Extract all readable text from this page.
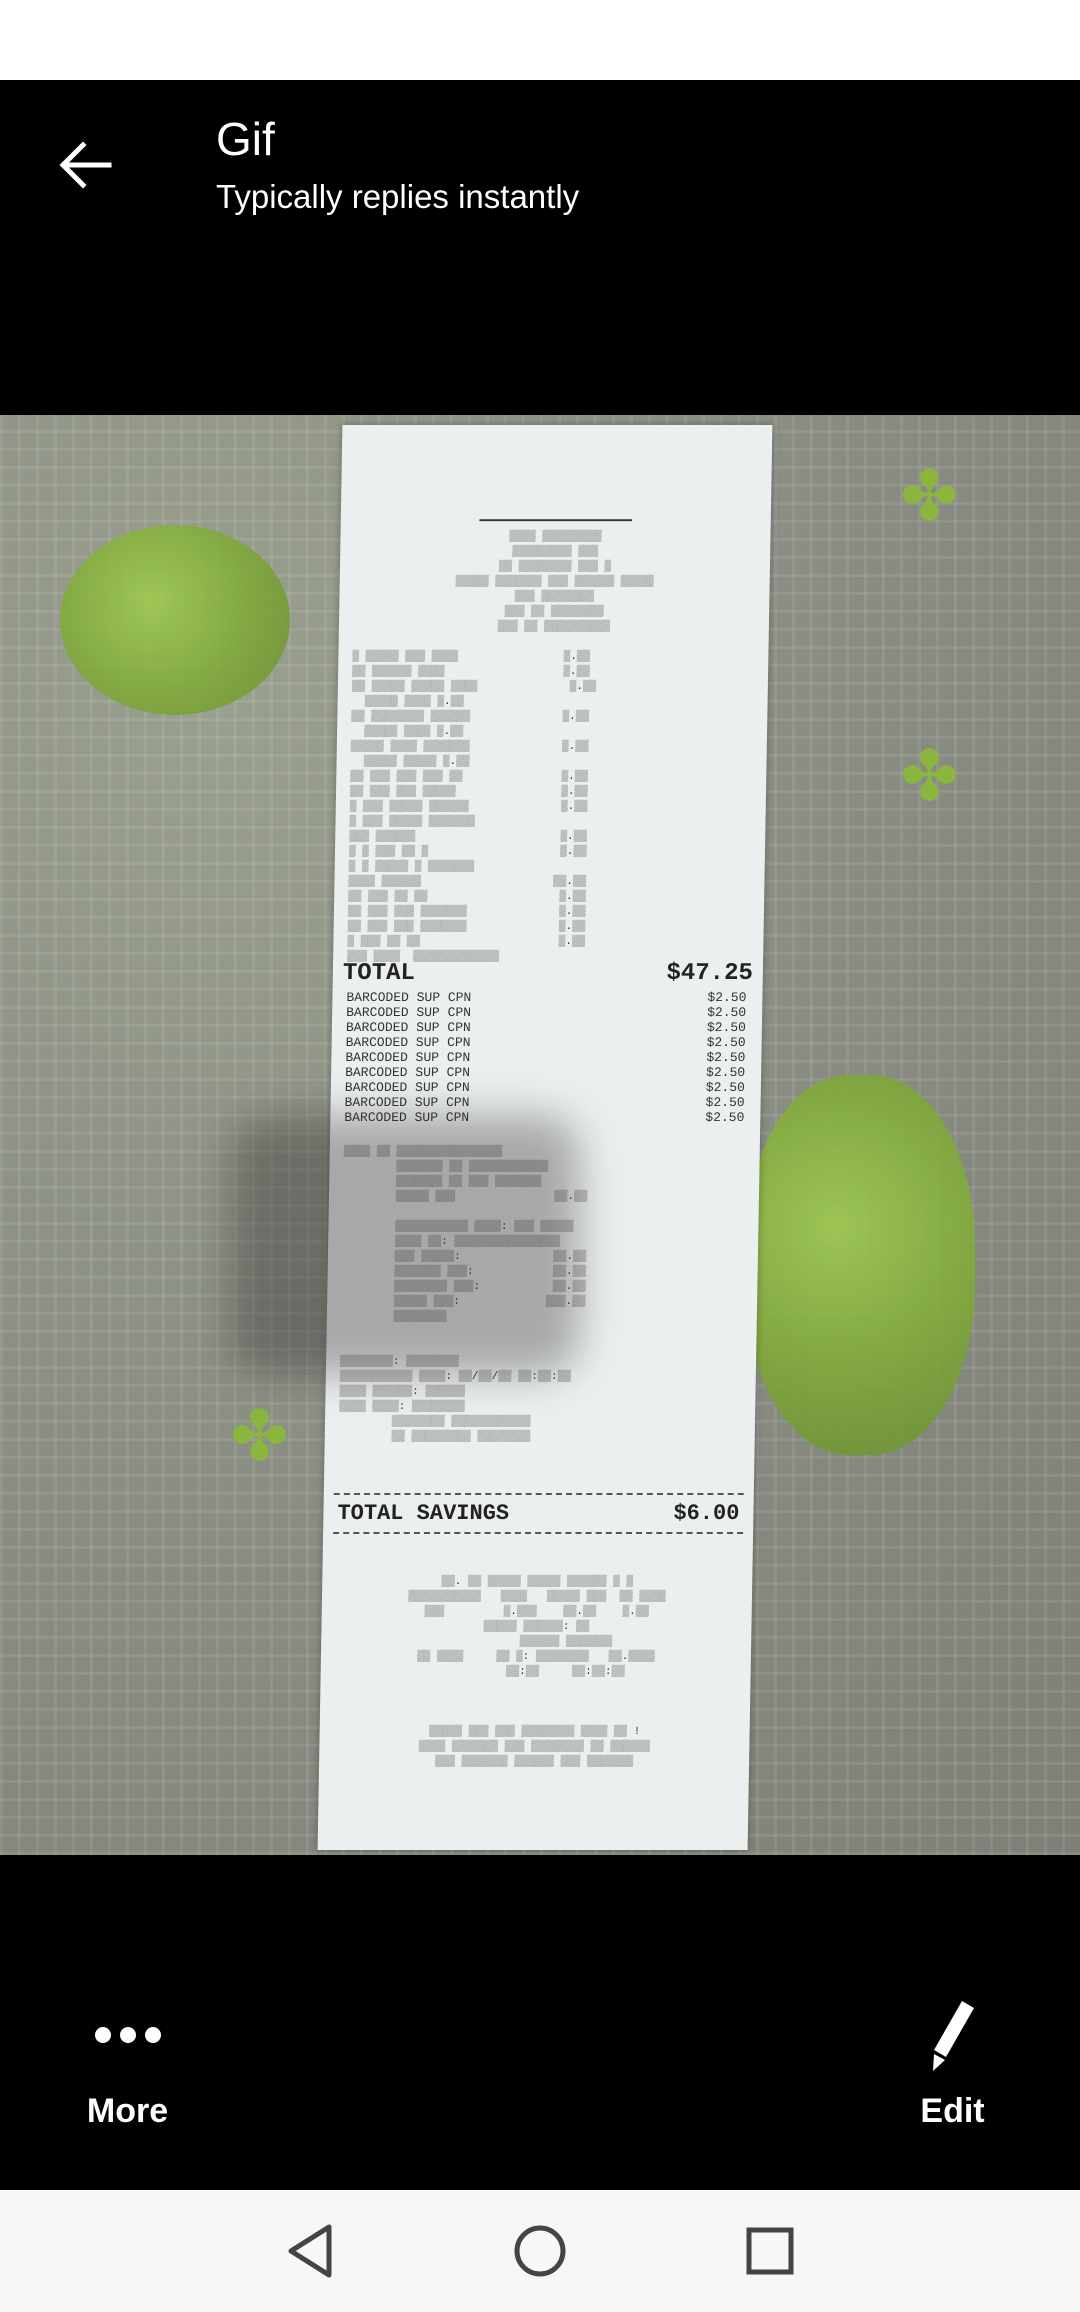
Gif
Typically replies instantly
✤
✤
✤
━━━━━━━━━━━━━━━━━━━━━━━
▒▒▒▒ ▒▒▒▒▒▒▒▒▒
▒▒▒▒▒▒▒▒▒ ▒▒▒
▒▒ ▒▒▒▒▒▒▒▒ ▒▒▒ ▒
▒▒▒▒▒ ▒▒▒▒▒▒▒ ▒▒▒ ▒▒▒▒▒▒ ▒▒▒▒▒
▒▒▒ ▒▒▒▒▒▒▒▒
▒▒▒ ▒▒ ▒▒▒▒▒▒▒▒
▒▒▒ ▒▒ ▒▒▒▒▒▒▒▒▒▒
▒ ▒▒▒▒▒ ▒▒▒ ▒▒▒▒                ▒.▒▒
▒▒ ▒▒▒▒▒▒ ▒▒▒▒                  ▒.▒▒
▒▒ ▒▒▒▒▒ ▒▒▒▒▒ ▒▒▒▒              ▒.▒▒
▒▒▒▒▒ ▒▒▒▒ ▒.▒▒
▒▒ ▒▒▒▒▒▒▒▒ ▒▒▒▒▒▒              ▒.▒▒
▒▒▒▒▒ ▒▒▒▒ ▒.▒▒
▒▒▒▒▒ ▒▒▒▒ ▒▒▒▒▒▒▒              ▒.▒▒
▒▒▒▒▒ ▒▒▒▒▒ ▒.▒▒
▒▒ ▒▒▒ ▒▒▒ ▒▒▒ ▒▒               ▒.▒▒
▒▒ ▒▒▒ ▒▒▒ ▒▒▒▒▒                ▒.▒▒
▒ ▒▒▒ ▒▒▒▒▒ ▒▒▒▒▒▒              ▒.▒▒
▒ ▒▒▒ ▒▒▒▒▒ ▒▒▒▒▒▒▒
▒▒▒ ▒▒▒▒▒▒                      ▒.▒▒
▒ ▒ ▒▒▒ ▒▒ ▒                    ▒.▒▒
▒ ▒ ▒▒▒▒▒ ▒ ▒▒▒▒▒▒▒
▒▒▒▒ ▒▒▒▒▒▒                    ▒▒.▒▒
▒▒ ▒▒▒ ▒▒ ▒▒                    ▒.▒▒
▒▒ ▒▒▒ ▒▒▒ ▒▒▒▒▒▒▒              ▒.▒▒
▒▒ ▒▒▒ ▒▒▒ ▒▒▒▒▒▒▒              ▒.▒▒
▒ ▒▒▒ ▒▒ ▒▒                     ▒.▒▒
▒▒▒ ▒▒▒▒  ▒▒▒▒▒▒▒▒▒▒▒▒▒
TOTAL	$47.25
BARCODED SUP CPN	$2.50
BARCODED SUP CPN	$2.50
BARCODED SUP CPN	$2.50
BARCODED SUP CPN	$2.50
BARCODED SUP CPN	$2.50
BARCODED SUP CPN	$2.50
BARCODED SUP CPN	$2.50
BARCODED SUP CPN	$2.50
BARCODED SUP CPN	$2.50
▒▒▒▒ ▒▒ ▒▒▒▒▒▒▒▒▒▒▒▒▒▒▒▒
▒▒▒▒▒▒▒ ▒▒ ▒▒▒▒▒▒▒▒▒▒▒▒
▒▒▒▒▒▒▒ ▒▒ ▒▒▒ ▒▒▒▒▒▒▒
▒▒▒▒▒ ▒▒▒               ▒▒.▒▒

▒▒▒▒▒▒▒▒▒▒▒ ▒▒▒▒: ▒▒▒ ▒▒▒▒▒
▒▒▒▒ ▒▒: ▒▒▒▒▒▒▒▒▒▒▒▒▒▒▒▒
▒▒▒ ▒▒▒▒▒:              ▒▒.▒▒
▒▒▒▒▒▒▒ ▒▒▒:            ▒▒.▒▒
▒▒▒▒▒▒▒▒ ▒▒▒:           ▒▒.▒▒
▒▒▒▒▒ ▒▒▒:             ▒▒▒.▒▒
▒▒▒▒▒▒▒▒

▒▒▒▒▒▒▒▒: ▒▒▒▒▒▒▒▒
▒▒▒▒▒▒▒▒▒▒▒ ▒▒▒▒: ▒▒/▒▒/▒▒ ▒▒:▒▒:▒▒
▒▒▒▒ ▒▒▒▒▒▒: ▒▒▒▒▒▒
▒▒▒▒ ▒▒▒▒: ▒▒▒▒▒▒▒▒
▒▒▒▒▒▒▒▒ ▒▒▒▒▒▒▒▒▒▒▒▒
▒▒ ▒▒▒▒▒▒▒▒▒ ▒▒▒▒▒▒▒▒
TOTAL SAVINGS	$6.00
▒▒. ▒▒ ▒▒▒▒▒ ▒▒▒▒▒ ▒▒▒▒▒▒ ▒ ▒
▒▒▒▒▒▒▒▒▒▒▒   ▒▒▒▒   ▒▒▒▒▒ ▒▒▒  ▒▒ ▒▒▒▒
▒▒▒         ▒.▒▒▒    ▒▒.▒▒    ▒.▒▒
▒▒▒▒▒ ▒▒▒▒▒▒: ▒▒
▒▒▒▒▒▒ ▒▒▒▒▒▒▒
▒▒ ▒▒▒▒     ▒▒ ▒: ▒▒▒▒▒▒▒▒   ▒▒.▒▒▒▒
▒▒:▒▒     ▒▒:▒▒:▒▒
▒▒▒▒▒ ▒▒▒ ▒▒▒ ▒▒▒▒▒▒▒▒ ▒▒▒▒ ▒▒ !
▒▒▒▒ ▒▒▒▒▒▒▒ ▒▒▒ ▒▒▒▒▒▒▒▒ ▒▒ ▒▒▒▒▒▒
▒▒▒ ▒▒▒▒▒▒▒ ▒▒▒▒▒▒ ▒▒▒ ▒▒▒▒▒▒▒
More	Edit
